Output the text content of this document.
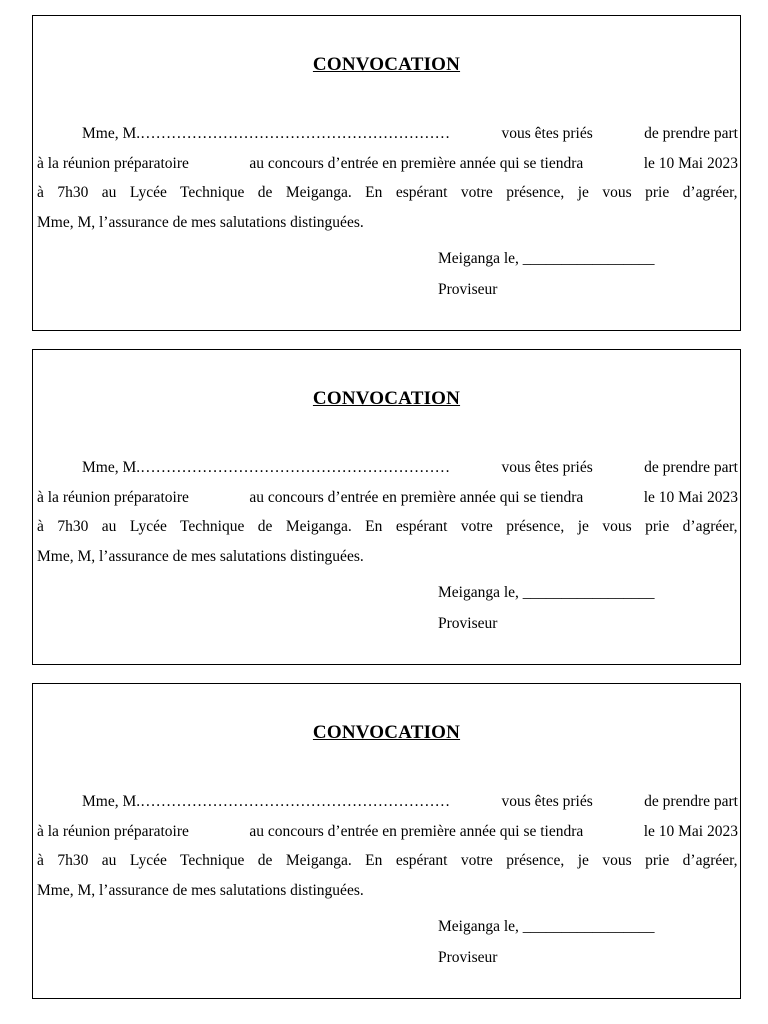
CONVOCATION
Mme, M.……………………………………………………	vous êtes priés	de prendre part
à la réunion préparatoire	au concours d’entrée en première année qui se tiendra	le 10 Mai 2023
à 7h30 au Lycée Technique de Meiganga. En espérant votre présence, je vous prie d’agréer,
Mme, M, l’assurance de mes salutations distinguées.
Meiganga le, _________________
Proviseur
CONVOCATION
Mme, M.……………………………………………………	vous êtes priés	de prendre part
à la réunion préparatoire	au concours d’entrée en première année qui se tiendra	le 10 Mai 2023
à 7h30 au Lycée Technique de Meiganga. En espérant votre présence, je vous prie d’agréer,
Mme, M, l’assurance de mes salutations distinguées.
Meiganga le, _________________
Proviseur
CONVOCATION
Mme, M.……………………………………………………	vous êtes priés	de prendre part
à la réunion préparatoire	au concours d’entrée en première année qui se tiendra	le 10 Mai 2023
à 7h30 au Lycée Technique de Meiganga. En espérant votre présence, je vous prie d’agréer,
Mme, M, l’assurance de mes salutations distinguées.
Meiganga le, _________________
Proviseur
